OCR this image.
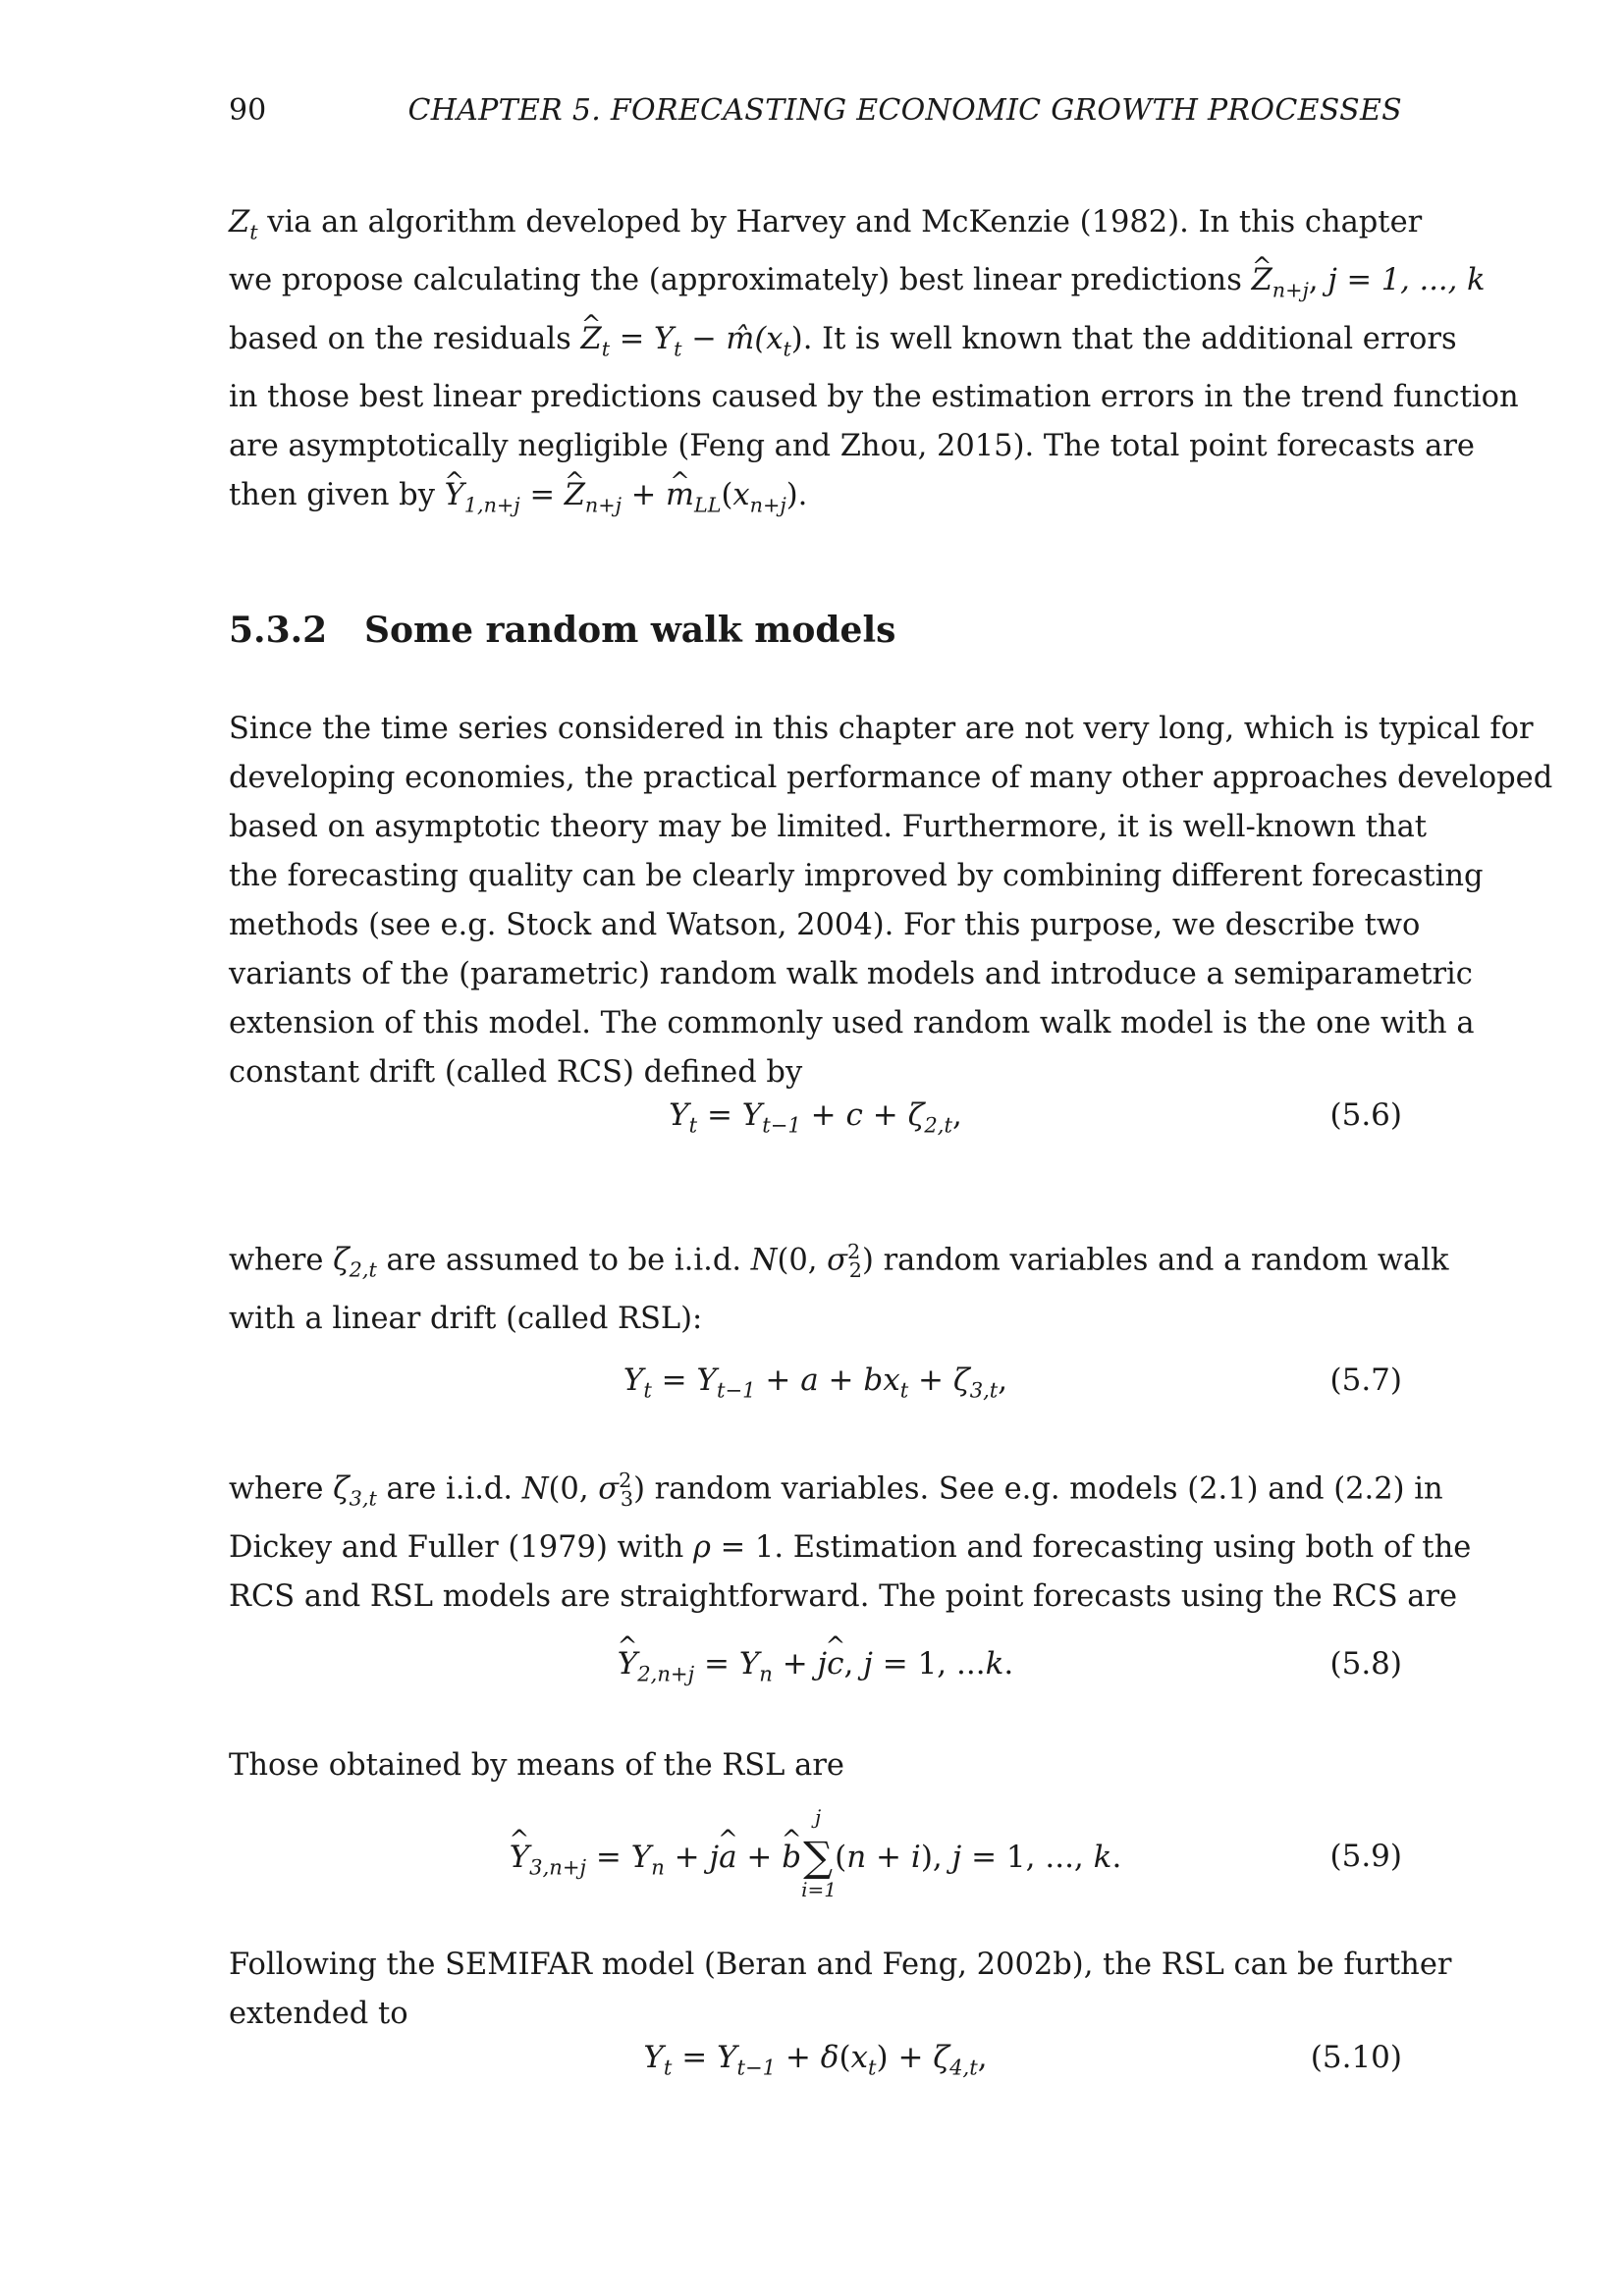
90	CHAPTER 5. FORECASTING ECONOMIC GROWTH PROCESSES
$Z_t$ via an algorithm developed by Harvey and McKenzie (1982). In this chapter
we propose calculating the (approximately) best linear predictions ^ $Z_{n+j}$, j = 1, ..., k
based on the residuals ^ $Z_t = Y_t$ − $m̂(x_t)$. It is well known that the additional errors
in those best linear predictions caused by the estimation errors in the trend function
are asymptotically negligible (Feng and Zhou, 2015). The total point forecasts are
then given by ^ $Y_{1,n+j}$ = ^ $Z_{n+j}$ + ^ $m_{LL}(x_{n+j})$.
5.3.2 Some random walk models
Since the time series considered in this chapter are not very long, which is typical for
developing economies, the practical performance of many other approaches developed
based on asymptotic theory may be limited. Furthermore, it is well-known that
the forecasting quality can be clearly improved by combining different forecasting
methods (see e.g. Stock and Watson, 2004). For this purpose, we describe two
variants of the (parametric) random walk models and introduce a semiparametric
extension of this model. The commonly used random walk model is the one with a
constant drift (called RCS) defined by
$Y_t = Y_{t-1} + c + \zeta_{2,t}$,	(5.6)
where $\zeta_{2,t}$ are assumed to be i.i.d. N(0, $\sigma^2_2$) random variables and a random walk
with a linear drift (called RSL):
$Y_t = Y_{t-1} + a + bx_t + \zeta_{3,t}$,	(5.7)
where $\zeta_{3,t}$ are i.i.d. N(0, $\sigma^2_3$) random variables. See e.g. models (2.1) and (2.2) in
Dickey and Fuller (1979) with ρ = 1. Estimation and forecasting using both of the
RCS and RSL models are straightforward. The point forecasts using the RCS are
^ $Y_{2,n+j} = Y_n$ + j^ c, j = 1, ...k.	(5.8)
Those obtained by means of the RSL are
^ $Y_{3,n+j} = Y_n$ + j^ a + ^ b
j
∑
i=1
(n + i), j = 1, ..., k.	(5.9)
Following the SEMIFAR model (Beran and Feng, 2002b), the RSL can be further
extended to
$Y_t = Y_{t-1} + \delta(x_t) + \zeta_{4,t}$,	(5.10)
